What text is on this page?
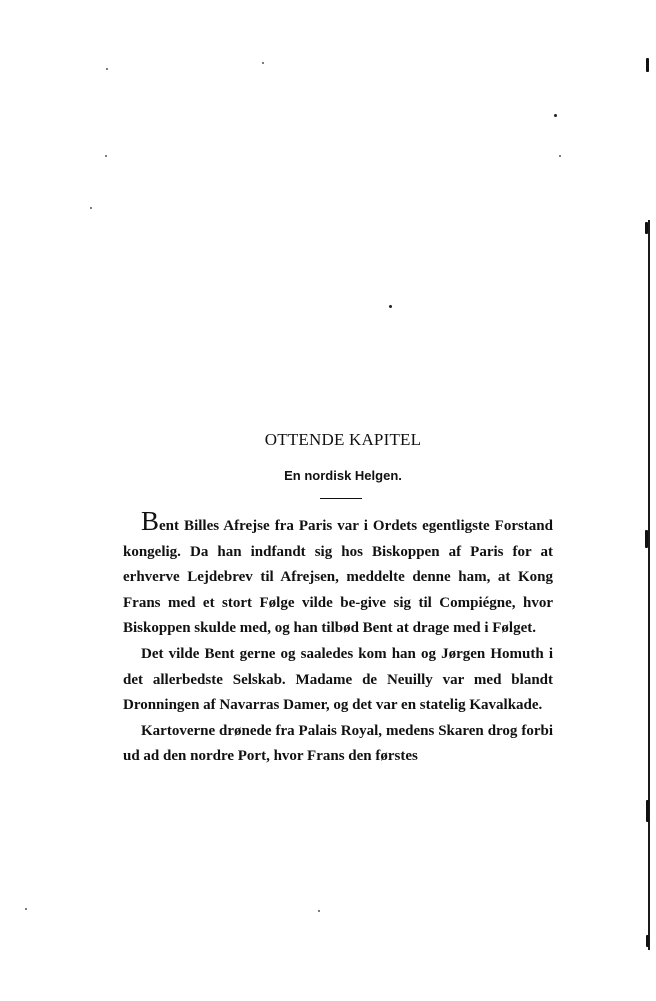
OTTENDE KAPITEL
En nordisk Helgen.

Bent Billes Afrejse fra Paris var i Ordets egentligste Forstand kongelig. Da han indfandt sig hos Biskoppen af Paris for at erhverve Lejdebrev til Afrejsen, meddelte denne ham, at Kong Frans med et stort Følge vilde be-give sig til Compiégne, hvor Biskoppen skulde med, og han tilbød Bent at drage med i Følget.

Det vilde Bent gerne og saaledes kom han og Jørgen Homuth i det allerbedste Selskab. Madame de Neuilly var med blandt Dronningen af Navarras Damer, og det var en statelig Kavalkade.

Kartoverne drønede fra Palais Royal, medens Skaren drog forbi ud ad den nordre Port, hvor Frans den førstes
